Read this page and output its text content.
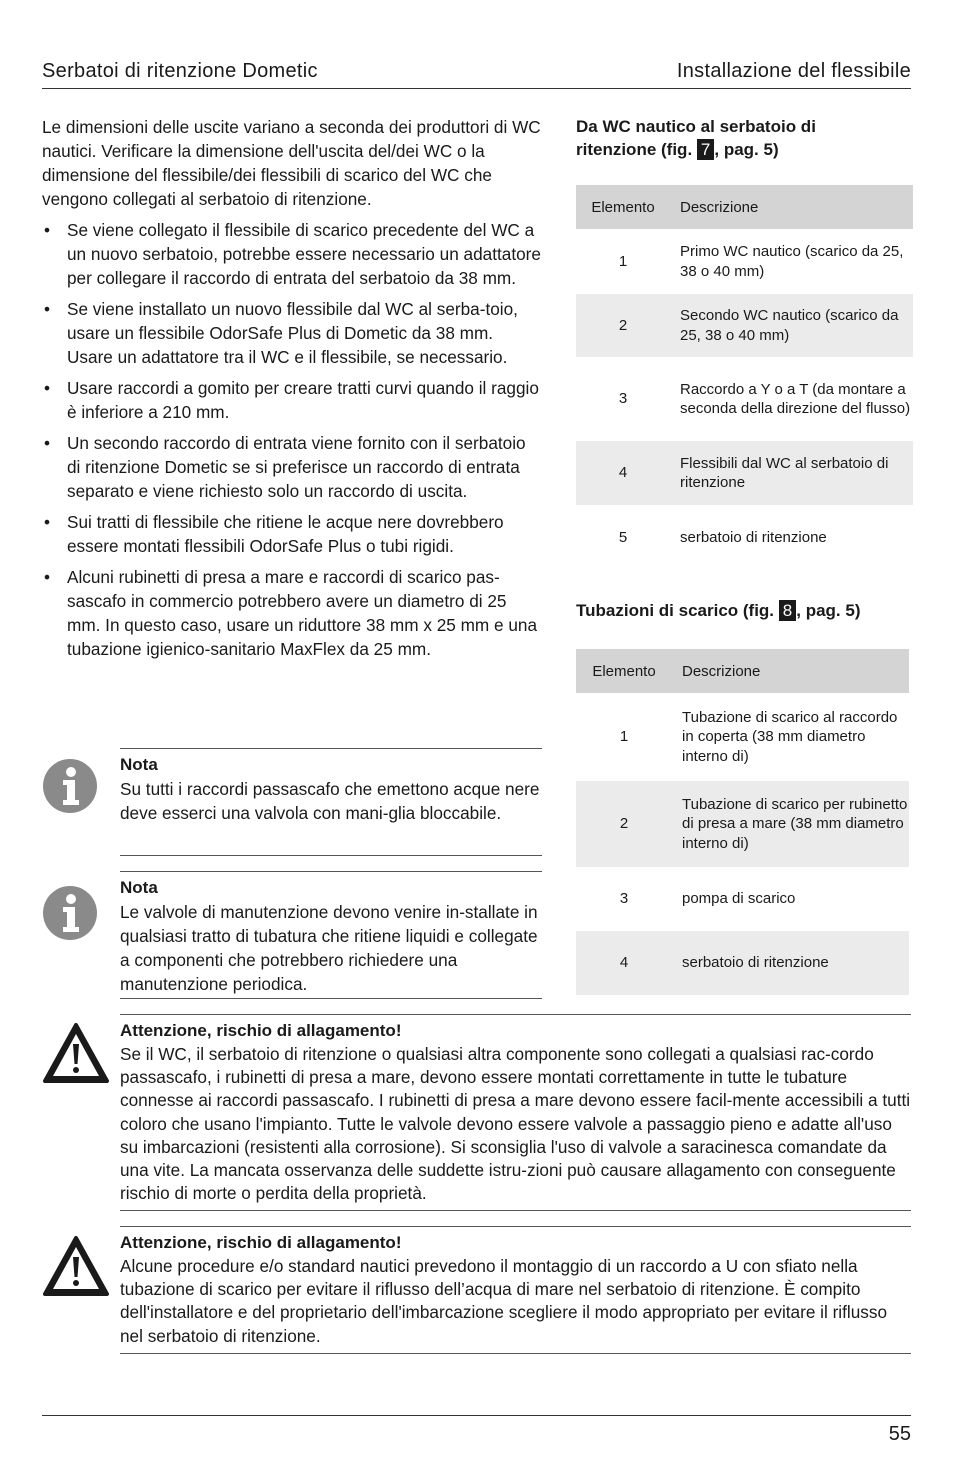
Serbatoi di ritenzione Dometic	Installazione del flessibile

Le dimensioni delle uscite variano a seconda dei produttori di WC nautici. Verificare la dimensione dell'uscita del/dei WC o la dimensione del flessibile/dei flessibili di scarico del WC che vengono collegati al serbatoio di ritenzione.

• Se viene collegato il flessibile di scarico precedente del WC a un nuovo serbatoio, potrebbe essere necessario un adattatore per collegare il raccordo di entrata del serbatoio da 38 mm.
• Se viene installato un nuovo flessibile dal WC al serba-toio, usare un flessibile OdorSafe Plus di Dometic da 38 mm. Usare un adattatore tra il WC e il flessibile, se necessario.
• Usare raccordi a gomito per creare tratti curvi quando il raggio è inferiore a 210 mm.
• Un secondo raccordo di entrata viene fornito con il serbatoio di ritenzione Dometic se si preferisce un raccordo di entrata separato e viene richiesto solo un raccordo di uscita.
• Sui tratti di flessibile che ritiene le acque nere dovrebbero essere montati flessibili OdorSafe Plus o tubi rigidi.
• Alcuni rubinetti di presa a mare e raccordi di scarico pas-sascafo in commercio potrebbero avere un diametro di 25 mm. In questo caso, usare un riduttore 38 mm x 25 mm e una tubazione igienico-sanitario MaxFlex da 25 mm.
Nota
Su tutti i raccordi passascafo che emettono acque nere deve esserci una valvola con mani-glia bloccabile.
Nota
Le valvole di manutenzione devono venire in-stallate in qualsiasi tratto di tubatura che ritiene liquidi e collegate a componenti che potrebbero richiedere una manutenzione periodica.
Da WC nautico al serbatoio di ritenzione (fig. 7 , pag. 5)
Elemento	Descrizione
1	Primo WC nautico (scarico da 25, 38 o 40 mm)
2	Secondo WC nautico (scarico da 25, 38 o 40 mm)
3	Raccordo a Y o a T (da montare a seconda della direzione del flusso)
4	Flessibili dal WC al serbatoio di ritenzione
5	serbatoio di ritenzione
Tubazioni di scarico (fig. 8 , pag. 5)
Elemento	Descrizione
1	Tubazione di scarico al raccordo in coperta (38 mm diametro interno di)
2	Tubazione di scarico per rubinetto di presa a mare (38 mm diametro interno di)
3	pompa di scarico
4	serbatoio di ritenzione
Attenzione, rischio di allagamento!
Se il WC, il serbatoio di ritenzione o qualsiasi altra componente sono collegati a qualsiasi rac-cordo passascafo, i rubinetti di presa a mare, devono essere montati correttamente in tutte le tubature connesse ai raccordi passascafo. I rubinetti di presa a mare devono essere facil-mente accessibili a tutti coloro che usano l'impianto. Tutte le valvole devono essere valvole a passaggio pieno e adatte all'uso su imbarcazioni (resistenti alla corrosione). Si sconsiglia l'uso di valvole a saracinesca comandate da una vite. La mancata osservanza delle suddette istru-zioni può causare allagamento con conseguente rischio di morte o perdita della proprietà.
Attenzione, rischio di allagamento!
Alcune procedure e/o standard nautici prevedono il montaggio di un raccordo a U con sfiato nella tubazione di scarico per evitare il riflusso dell’acqua di mare nel serbatoio di ritenzione. È compito dell'installatore e del proprietario dell'imbarcazione scegliere il modo appropriato per evitare il riflusso nel serbatoio di ritenzione.
55
